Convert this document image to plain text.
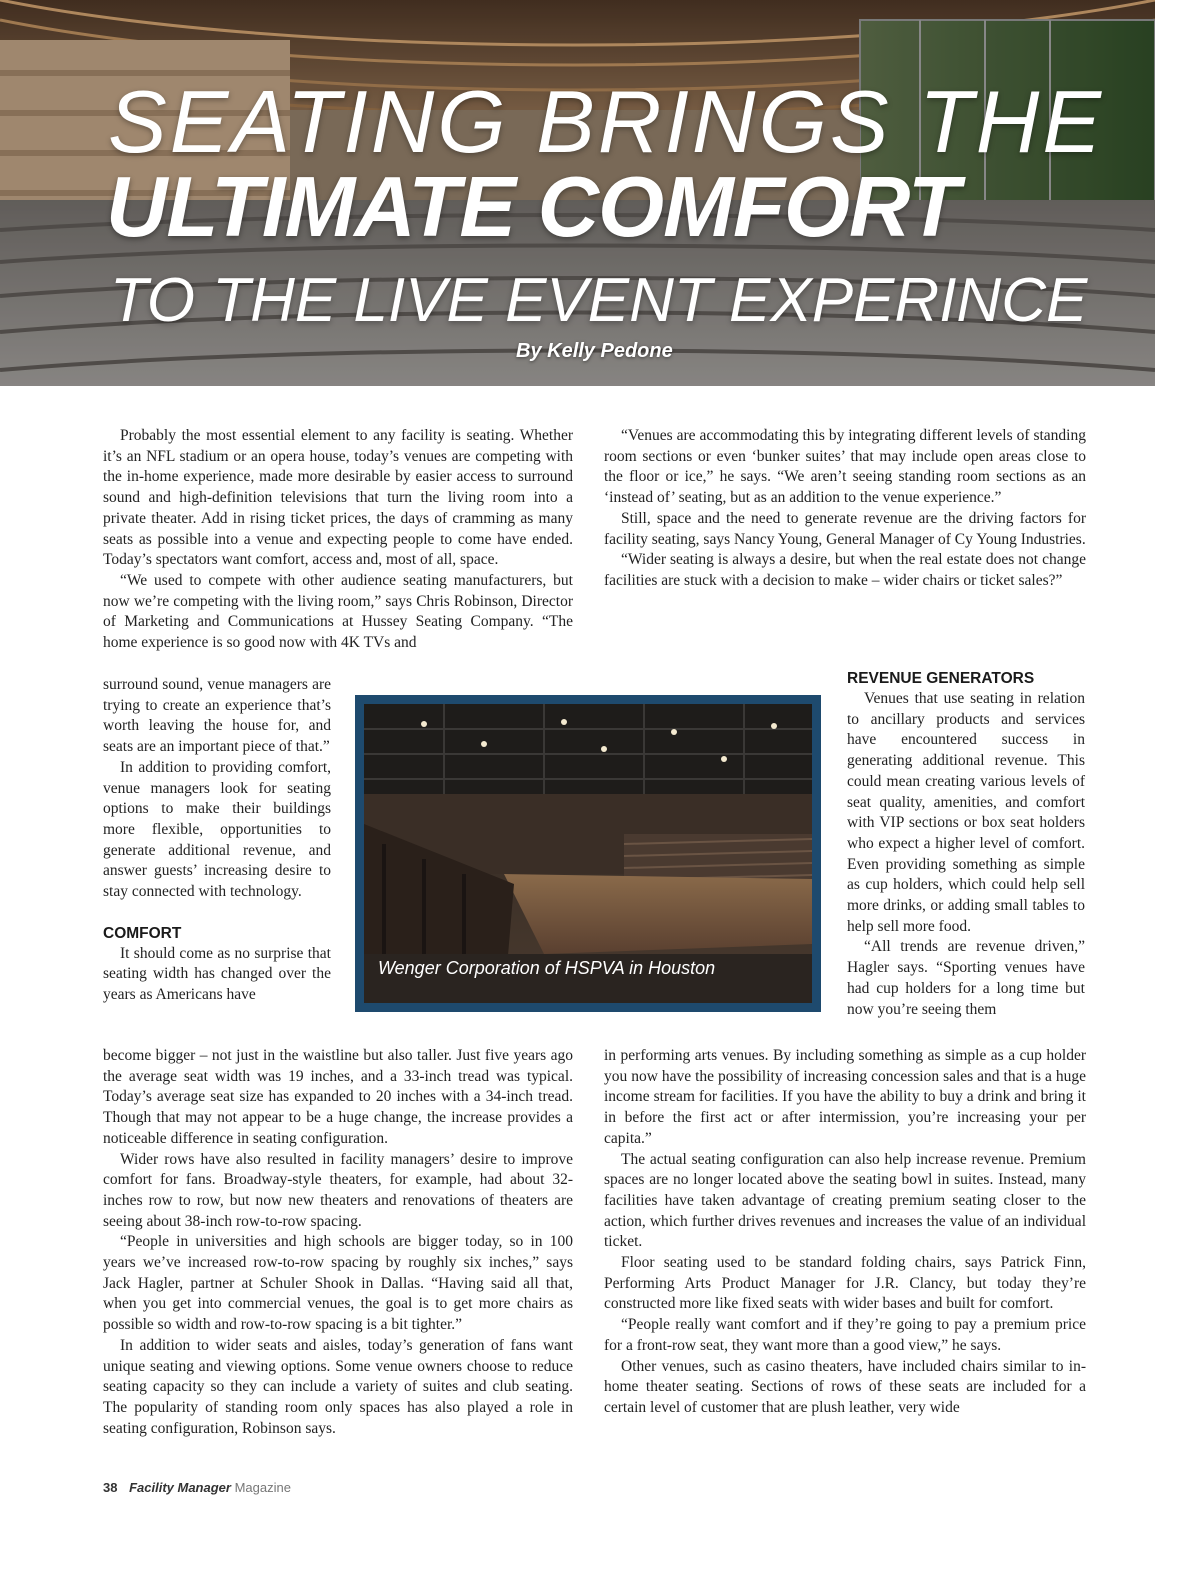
SEATING BRINGS THE
ULTIMATE COMFORT
TO THE LIVE EVENT EXPERINCE
By Kelly Pedone

Probably the most essential element to any facility is seating. Whether it’s an NFL stadium or an opera house, today’s venues are competing with the in-home experience, made more desirable by easier access to surround sound and high-definition televisions that turn the living room into a private theater. Add in rising ticket prices, the days of cramming as many seats as possible into a venue and expecting people to come have ended. Today’s spectators want comfort, access and, most of all, space.

“We used to compete with other audience seating manufacturers, but now we’re competing with the living room,” says Chris Robinson, Director of Marketing and Communications at Hussey Seating Company. “The home experience is so good now with 4K TVs and

surround sound, venue managers are trying to create an experience that’s worth leaving the house for, and seats are an important piece of that.”

In addition to providing comfort, venue managers look for seating options to make their buildings more flexible, opportunities to generate additional revenue, and answer guests’ increasing desire to stay connected with technology.

COMFORT

It should come as no surprise that seating width has changed over the years as Americans have

become bigger – not just in the waistline but also taller. Just five years ago the average seat width was 19 inches, and a 33-inch tread was typical. Today’s average seat size has expanded to 20 inches with a 34-inch tread. Though that may not appear to be a huge change, the increase provides a noticeable difference in seating configuration.

Wider rows have also resulted in facility managers’ desire to improve comfort for fans. Broadway-style theaters, for example, had about 32-inches row to row, but now new theaters and renovations of theaters are seeing about 38-inch row-to-row spacing.

“People in universities and high schools are bigger today, so in 100 years we’ve increased row-to-row spacing by roughly six inches,” says Jack Hagler, partner at Schuler Shook in Dallas. “Having said all that, when you get into commercial venues, the goal is to get more chairs as possible so width and row-to-row spacing is a bit tighter.”

In addition to wider seats and aisles, today’s generation of fans want unique seating and viewing options. Some venue owners choose to reduce seating capacity so they can include a variety of suites and club seating. The popularity of standing room only spaces has also played a role in seating configuration, Robinson says.

“Venues are accommodating this by integrating different levels of standing room sections or even ‘bunker suites’ that may include open areas close to the floor or ice,” he says. “We aren’t seeing standing room sections as an ‘instead of’ seating, but as an addition to the venue experience.”

Still, space and the need to generate revenue are the driving factors for facility seating, says Nancy Young, General Manager of Cy Young Industries.

“Wider seating is always a desire, but when the real estate does not change facilities are stuck with a decision to make – wider chairs or ticket sales?”

REVENUE GENERATORS

Venues that use seating in relation to ancillary products and services have encountered success in generating additional revenue. This could mean creating various levels of seat quality, amenities, and comfort with VIP sections or box seat holders who expect a higher level of comfort. Even providing something as simple as cup holders, which could help sell more drinks, or adding small tables to help sell more food.

“All trends are revenue driven,” Hagler says. “Sporting venues have had cup holders for a long time but now you’re seeing them

in performing arts venues. By including something as simple as a cup holder you now have the possibility of increasing concession sales and that is a huge income stream for facilities. If you have the ability to buy a drink and bring it in before the first act or after intermission, you’re increasing your per capita.”

The actual seating configuration can also help increase revenue. Premium spaces are no longer located above the seating bowl in suites. Instead, many facilities have taken advantage of creating premium seating closer to the action, which further drives revenues and increases the value of an individual ticket.

Floor seating used to be standard folding chairs, says Patrick Finn, Performing Arts Product Manager for J.R. Clancy, but today they’re constructed more like fixed seats with wider bases and built for comfort.

“People really want comfort and if they’re going to pay a premium price for a front-row seat, they want more than a good view,” he says.

Other venues, such as casino theaters, have included chairs similar to in-home theater seating. Sections of rows of these seats are included for a certain level of customer that are plush leather, very wide

Wenger Corporation of HSPVA in Houston
38 Facility Manager Magazine
